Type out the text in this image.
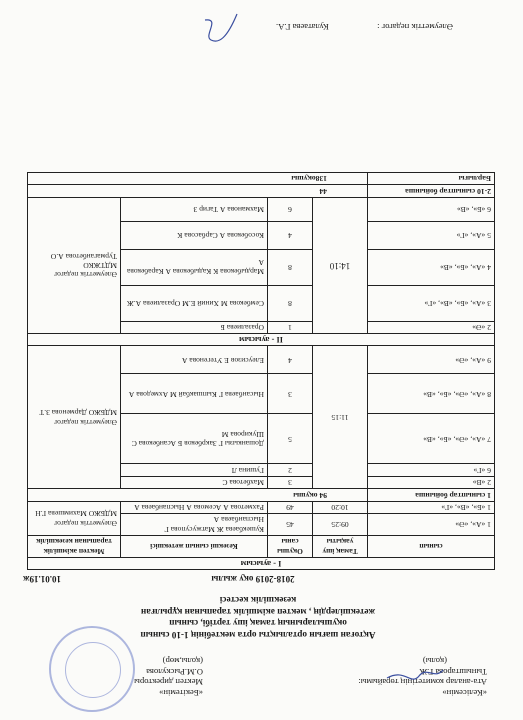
«Келісемін»
Ата-аналар комитетінің төрайымы:
Тыныштарова Г.Ж
(қолы)
«Бекітемін»
Мектеп директоры
О.М.Рыскулова
(қолы,мөр)
Ақтоған шағын орталықты орта мектебінің 1-10 сынып
оқушыларының тамақ ішу тәртібі, сынып
жетекшілердің , мектеп әкімшілік тарапынан құрылған
кезекшілік кестесі
2018-2019 оқу жылы
10.01.19ж
I - ауысым				
сынып	Тамақ ішу уақыты	Оқушы саны	Кезекші сынып жетекшісі	Мектеп әкімшілік тарапынан кезекшілік
1 «А», «Ә»	09:25	45	Кушекбаева Ж Матжусупова Г Ныспанбаева А	Әлеуметтік педагог МДБЖО Махимшева Г.Н
1 «Б», «В», «Г»	10:20	49	Рахметова А Асемова А Ныспанбаева А	
1 сыныптар бойынша	94 оқушы			
2 «В»	11:15	3	Махбетова С	Әлеуметтік педагог МДБЖО Дарменова З.Т
6 «Г»		2	Гушина Л	
7 «А», «Ә», «Б», «В»		5	Дошанкызы Г Закрбеков Б Асанбекова С Шукирова М	
8 «А», «Ә», «Б», «В»		3	Нысанбаева Г Кыпшакбай М Ахмедова А	
9 «А», «Ә»		4	Елеусизов Е Утегенова А	
II - ауысым				
2 «Ә»	14:10	1	Оразалиева Б	Әлеуметтік педагог МДТЖКО Турмаганбетова А.О
3 «А», «Б», «В», «Г»		8	Сембекова М Хиний Е.М Оразалиева А.Ж	
4 «А», «Б», «В»		8	Мардыбекова К Кадыбекова А Карабекова А	
5 «А», «Г»		4	Кособекова А Сарбасова К	
6 «Б», «В»		6	Махманова А Тагир З	
2-10 сыныптар бойынша	44			
Барлығы	138оқушы			
Әлеуметтік педагог :  Кулатаева Г.А.
